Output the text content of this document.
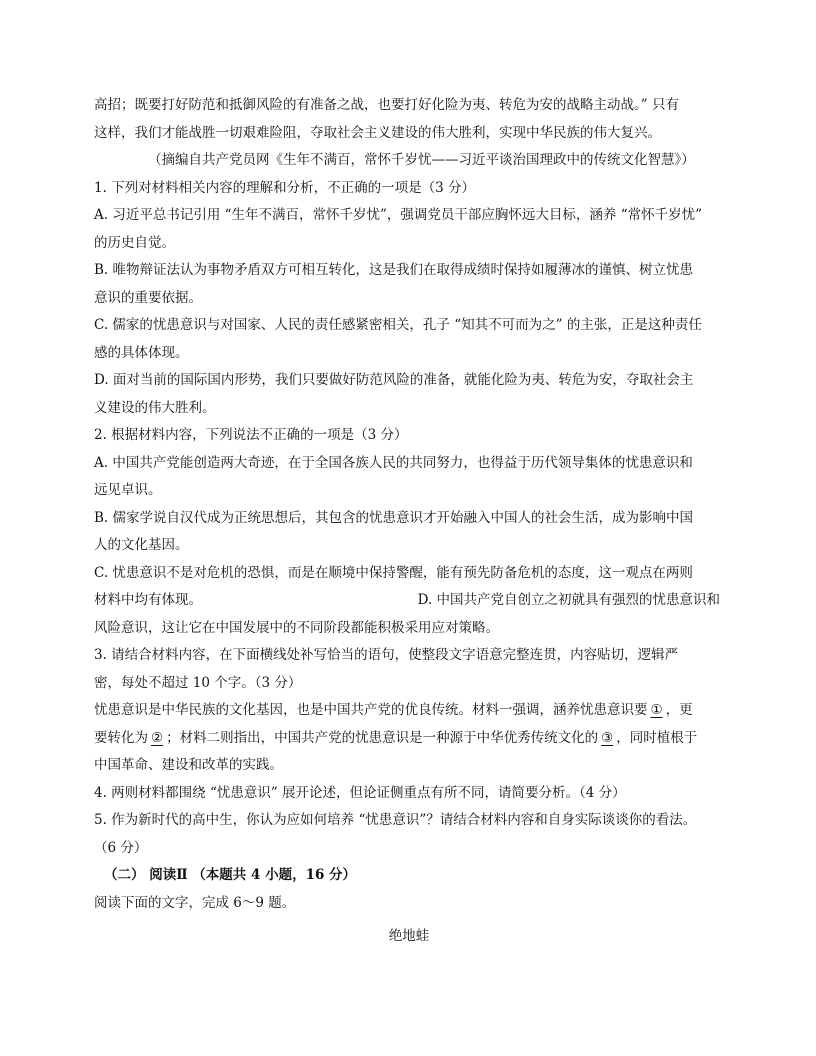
高招；既要打好防范和抵御风险的有准备之战，也要打好化险为夷、转危为安的战略主动战。” 只有

这样，我们才能战胜一切艰难险阻，夺取社会主义建设的伟大胜利，实现中华民族的伟大复兴。

（摘编自共产党员网《生年不满百，常怀千岁忧——习近平谈治国理政中的传统文化智慧》）

1. 下列对材料相关内容的理解和分析，不正确的一项是（3 分）

A. 习近平总书记引用 “生年不满百，常怀千岁忧”，强调党员干部应胸怀远大目标，涵养 “常怀千岁忧”

的历史自觉。

B. 唯物辩证法认为事物矛盾双方可相互转化，这是我们在取得成绩时保持如履薄冰的谨慎、树立忧患

意识的重要依据。

C. 儒家的忧患意识与对国家、人民的责任感紧密相关，孔子 “知其不可而为之” 的主张，正是这种责任

感的具体体现。

D. 面对当前的国际国内形势，我们只要做好防范风险的准备，就能化险为夷、转危为安，夺取社会主

义建设的伟大胜利。

2. 根据材料内容，下列说法不正确的一项是（3 分）

A. 中国共产党能创造两大奇迹，在于全国各族人民的共同努力，也得益于历代领导集体的忧患意识和

远见卓识。

B. 儒家学说自汉代成为正统思想后，其包含的忧患意识才开始融入中国人的社会生活，成为影响中国

人的文化基因。

C. 忧患意识不是对危机的恐惧，而是在顺境中保持警醒，能有预先防备危机的态度，这一观点在两则

材料中均有体现。	D. 中国共产党自创立之初就具有强烈的忧患意识和

风险意识，这让它在中国发展中的不同阶段都能积极采用应对策略。

3. 请结合材料内容，在下面横线处补写恰当的语句，使整段文字语意完整连贯，内容贴切，逻辑严

密，每处不超过 10 个字。（3 分）

忧患意识是中华民族的文化基因，也是中国共产党的优良传统。材料一强调，涵养忧患意识要 ① ，更

要转化为 ② ；材料二则指出，中国共产党的忧患意识是一种源于中华优秀传统文化的 ③ ，同时植根于

中国革命、建设和改革的实践。

4. 两则材料都围绕 “忧患意识” 展开论述，但论证侧重点有所不同，请简要分析。（4 分）

5. 作为新时代的高中生，你认为应如何培养 “忧患意识”？请结合材料内容和自身实际谈谈你的看法。

（6 分）

（二） 阅读Ⅱ （本题共 4 小题，16 分）

阅读下面的文字，完成 6～9 题。

绝地蛙
